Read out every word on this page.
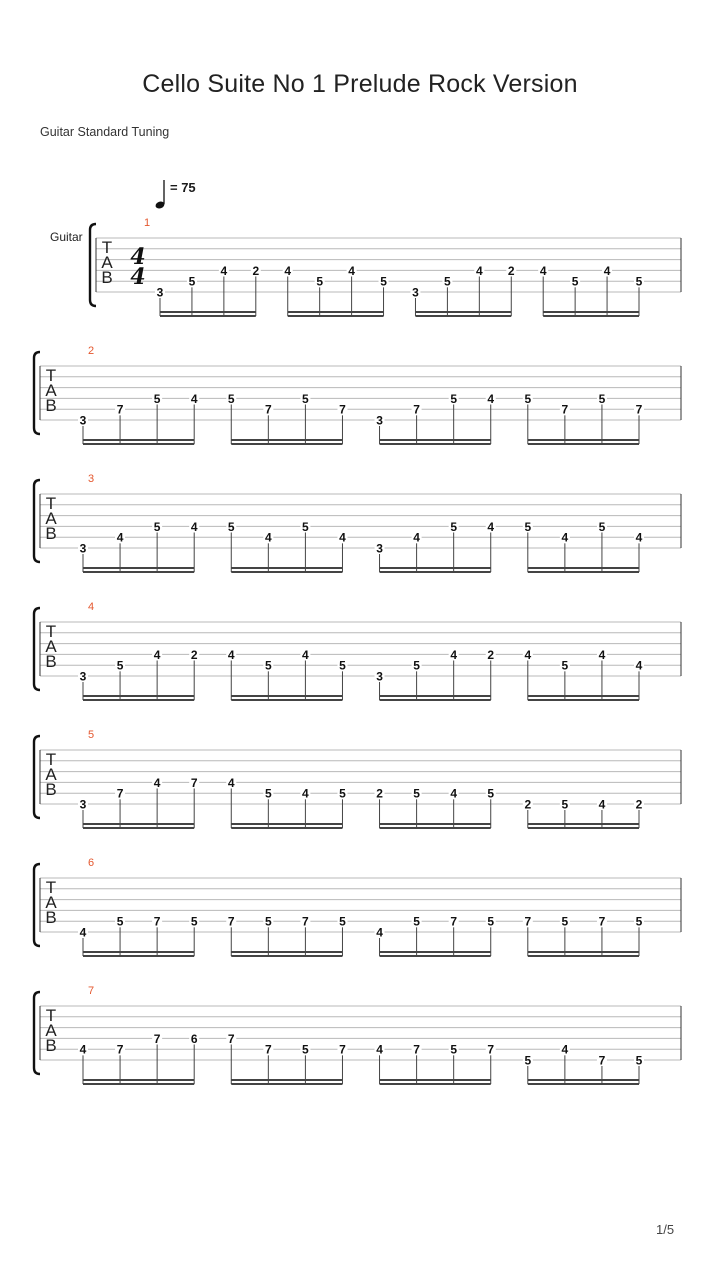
Cello Suite No 1 Prelude Rock Version
Guitar Standard Tuning
= 75
Guitar
T
A
B
4
4
1
3
5
4 2 4
5
4
5
3
5
4 2 4
5
4
5
T
A
B
2
3
7
5	4	5
7
5
7
3
7
5	4	5
7
5
7
T
A
B
3
3
4
5	4	5
4
5
4
3
4
5	4	5
4
5
4
T
A
B
4
3
5
4	2	4
5
4
5
3
5
4	2	4
5
4
4
T
A
B
5
3
7
4	7	4
5	4	5	2	5	4	5
2	5	4	2
T
A
B
6
4
5	7	5	7	5	7	5
4
5	7	5	7	5	7	5
T
A
B
7
4	7
7	6	7
7	5	7	4	7	5	7
5
4
7	5
1/5
